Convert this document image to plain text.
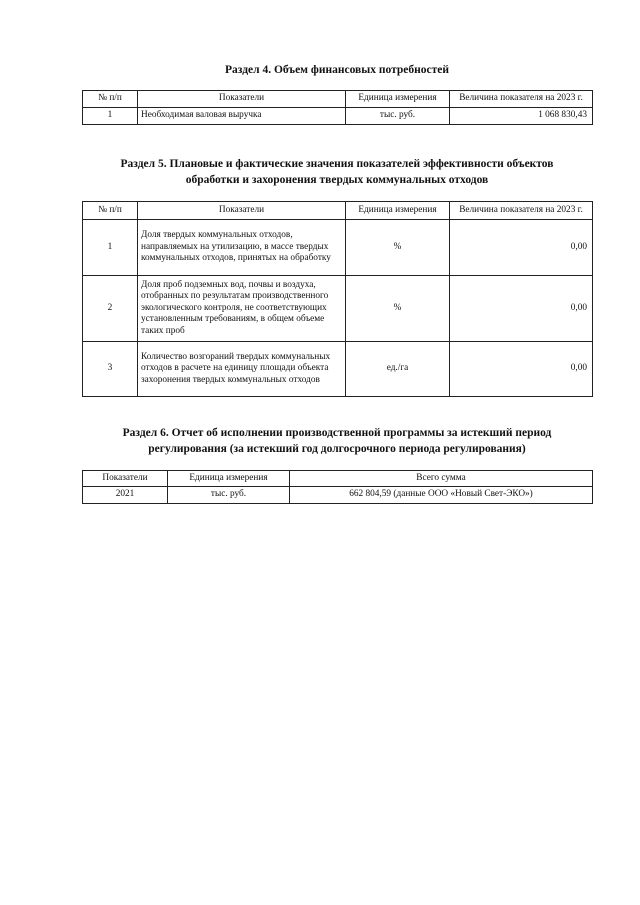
Раздел 4. Объем финансовых потребностей
№ п/п	Показатели	Единица измерения	Величина показателя на 2023 г.
1	Необходимая валовая выручка	тыс. руб.	1 068 830,43
Раздел 5. Плановые и фактические значения показателей эффективности объектов
обработки и захоронения твердых коммунальных отходов
№ п/п	Показатели	Единица измерения	Величина показателя на 2023 г.
1	Доля твердых коммунальных отходов, направляемых на утилизацию, в массе твердых коммунальных отходов, принятых на обработку	%	0,00
2	Доля проб подземных вод, почвы и воздуха, отобранных по результатам производственного экологического контроля, не соответствующих установленным требованиям, в общем объеме таких проб	%	0,00
3	Количество возгораний твердых коммунальных отходов в расчете на единицу площади объекта захоронения твердых коммунальных отходов	ед./га	0,00
Раздел 6. Отчет об исполнении производственной программы за истекший период
регулирования (за истекший год долгосрочного периода регулирования)
Показатели	Единица измерения	Всего сумма
2021	тыс. руб.	662 804,59 (данные ООО «Новый Свет-ЭКО»)
